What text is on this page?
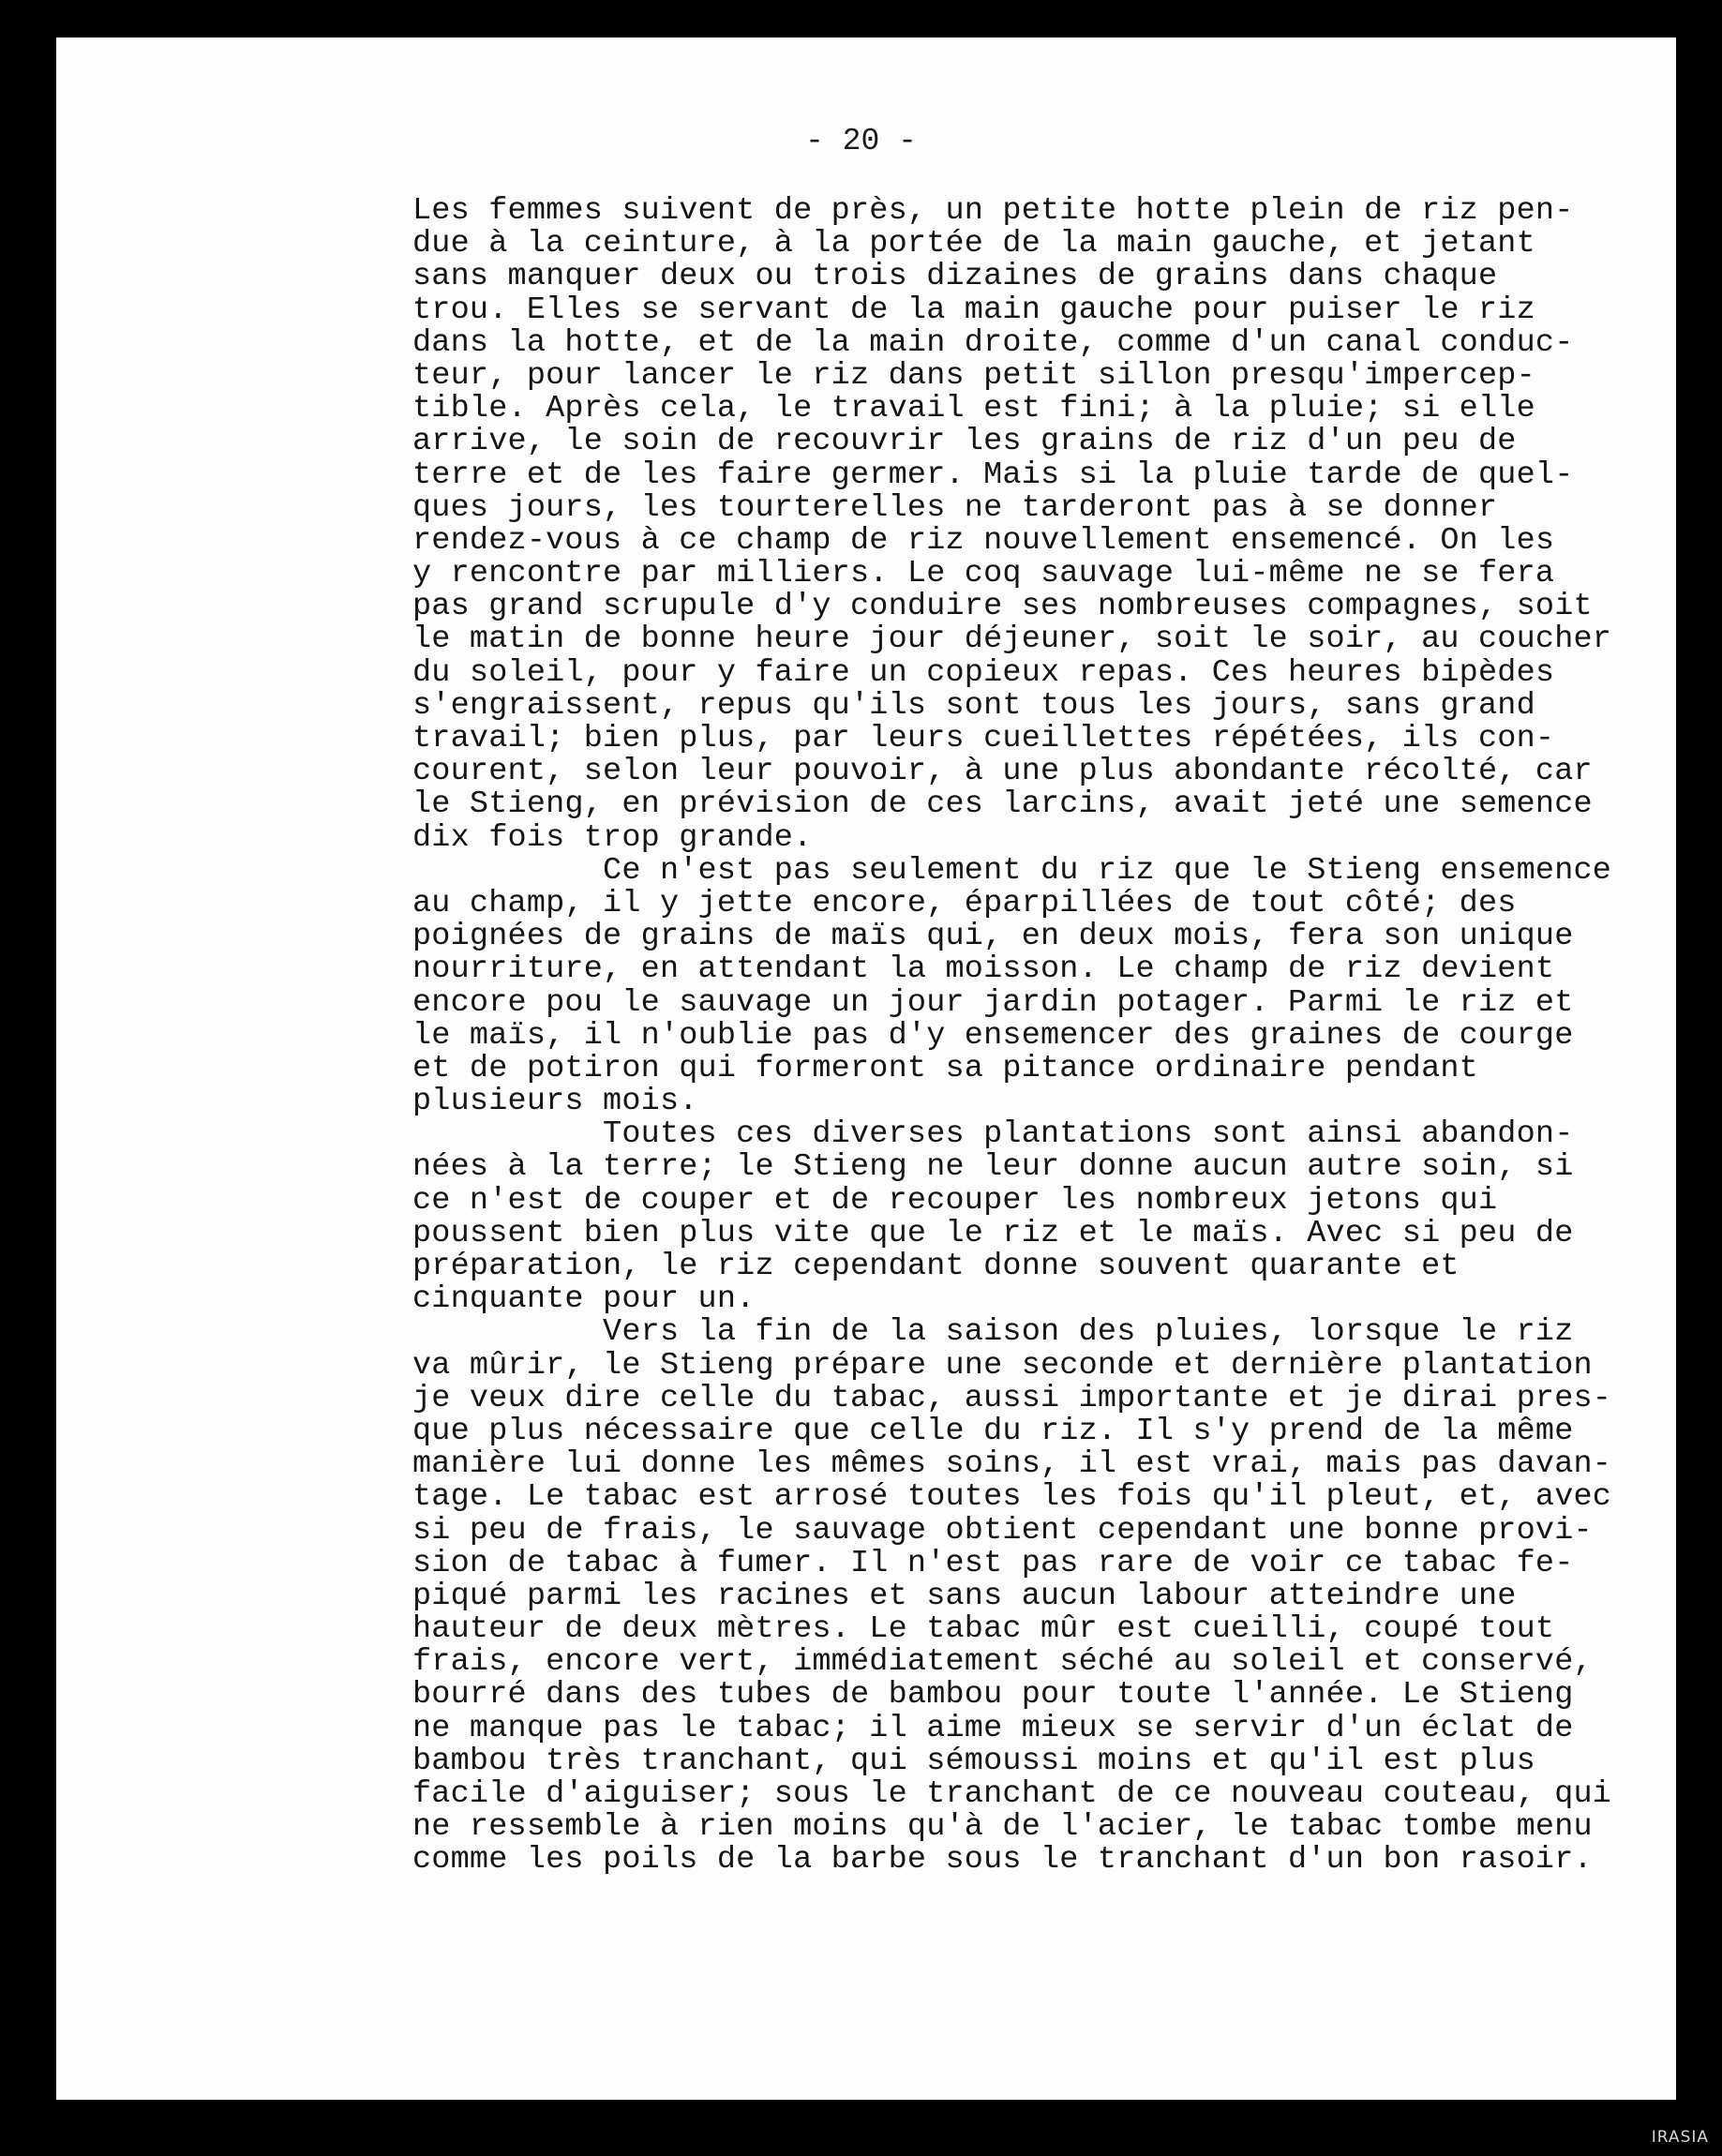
- 20 -
Les femmes suivent de près, un petite hotte plein de riz pen-
due à la ceinture, à la portée de la main gauche, et jetant
sans manquer deux ou trois dizaines de grains dans chaque
trou. Elles se servant de la main gauche pour puiser le riz
dans la hotte, et de la main droite, comme d'un canal conduc-
teur, pour lancer le riz dans petit sillon presqu'impercep-
tible. Après cela, le travail est fini; à la pluie; si elle
arrive, le soin de recouvrir les grains de riz d'un peu de
terre et de les faire germer. Mais si la pluie tarde de quel-
ques jours, les tourterelles ne tarderont pas à se donner
rendez-vous à ce champ de riz nouvellement ensemencé. On les
y rencontre par milliers. Le coq sauvage lui-même ne se fera
pas grand scrupule d'y conduire ses nombreuses compagnes, soit
le matin de bonne heure jour déjeuner, soit le soir, au coucher
du soleil, pour y faire un copieux repas. Ces heures bipèdes
s'engraissent, repus qu'ils sont tous les jours, sans grand
travail; bien plus, par leurs cueillettes répétées, ils con-
courent, selon leur pouvoir, à une plus abondante récolté, car
le Stieng, en prévision de ces larcins, avait jeté une semence
dix fois trop grande.
Ce n'est pas seulement du riz que le Stieng ensemence
au champ, il y jette encore, éparpillées de tout côté; des
poignées de grains de maïs qui, en deux mois, fera son unique
nourriture, en attendant la moisson. Le champ de riz devient
encore pou le sauvage un jour jardin potager. Parmi le riz et
le maïs, il n'oublie pas d'y ensemencer des graines de courge
et de potiron qui formeront sa pitance ordinaire pendant
plusieurs mois.
Toutes ces diverses plantations sont ainsi abandon-
nées à la terre; le Stieng ne leur donne aucun autre soin, si
ce n'est de couper et de recouper les nombreux jetons qui
poussent bien plus vite que le riz et le maïs. Avec si peu de
préparation, le riz cependant donne souvent quarante et
cinquante pour un.
Vers la fin de la saison des pluies, lorsque le riz
va mûrir, le Stieng prépare une seconde et dernière plantation
je veux dire celle du tabac, aussi importante et je dirai pres-
que plus nécessaire que celle du riz. Il s'y prend de la même
manière lui donne les mêmes soins, il est vrai, mais pas davan-
tage. Le tabac est arrosé toutes les fois qu'il pleut, et, avec
si peu de frais, le sauvage obtient cependant une bonne provi-
sion de tabac à fumer. Il n'est pas rare de voir ce tabac fe-
piqué parmi les racines et sans aucun labour atteindre une
hauteur de deux mètres. Le tabac mûr est cueilli, coupé tout
frais, encore vert, immédiatement séché au soleil et conservé,
bourré dans des tubes de bambou pour toute l'année. Le Stieng
ne manque pas le tabac; il aime mieux se servir d'un éclat de
bambou très tranchant, qui sémoussi moins et qu'il est plus
facile d'aiguiser; sous le tranchant de ce nouveau couteau, qui
ne ressemble à rien moins qu'à de l'acier, le tabac tombe menu
comme les poils de la barbe sous le tranchant d'un bon rasoir.
IRASIA
